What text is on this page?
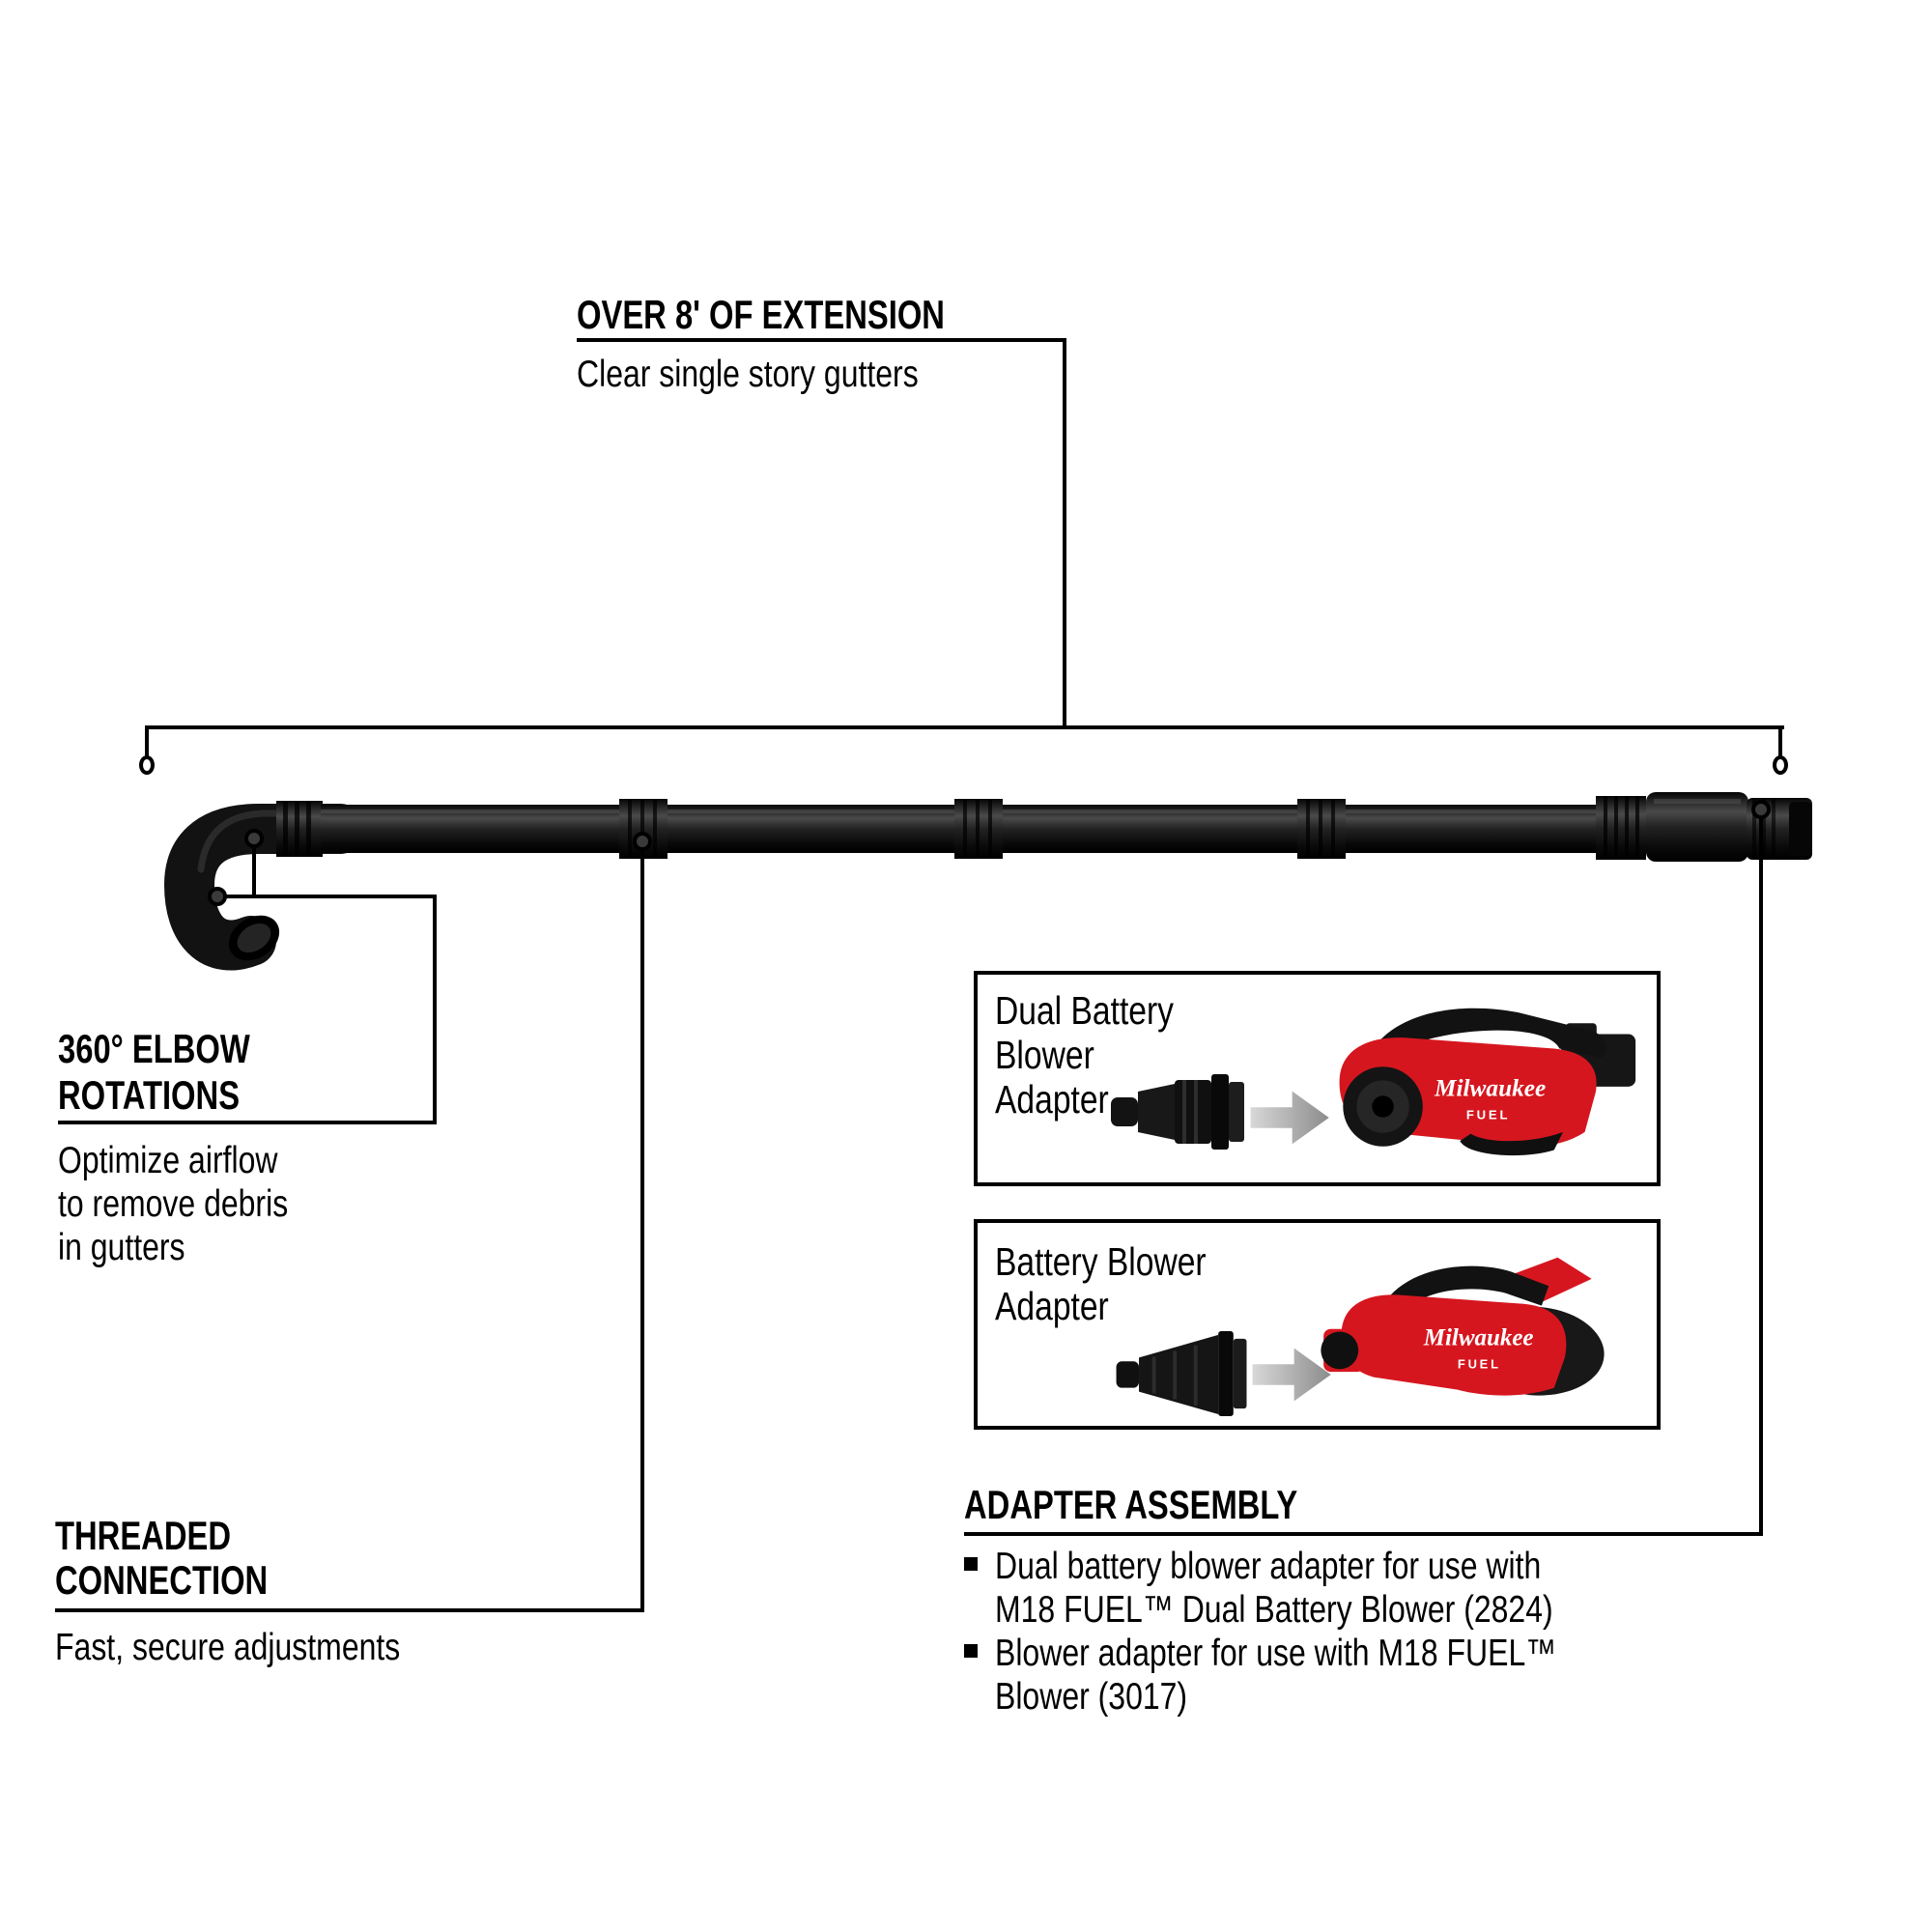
OVER 8' OF EXTENSION
Clear single story gutters
360° ELBOW
ROTATIONS
Optimize airflow
to remove debris
in gutters
THREADED
CONNECTION
Fast, secure adjustments
Dual Battery
Blower
Adapter	Milwaukee
FUEL
Battery Blower
Adapter
Milwaukee
FUEL
ADAPTER ASSEMBLY
Dual battery blower adapter for use with
M18 FUEL™ Dual Battery Blower (2824)
Blower adapter for use with M18 FUEL™
Blower (3017)
